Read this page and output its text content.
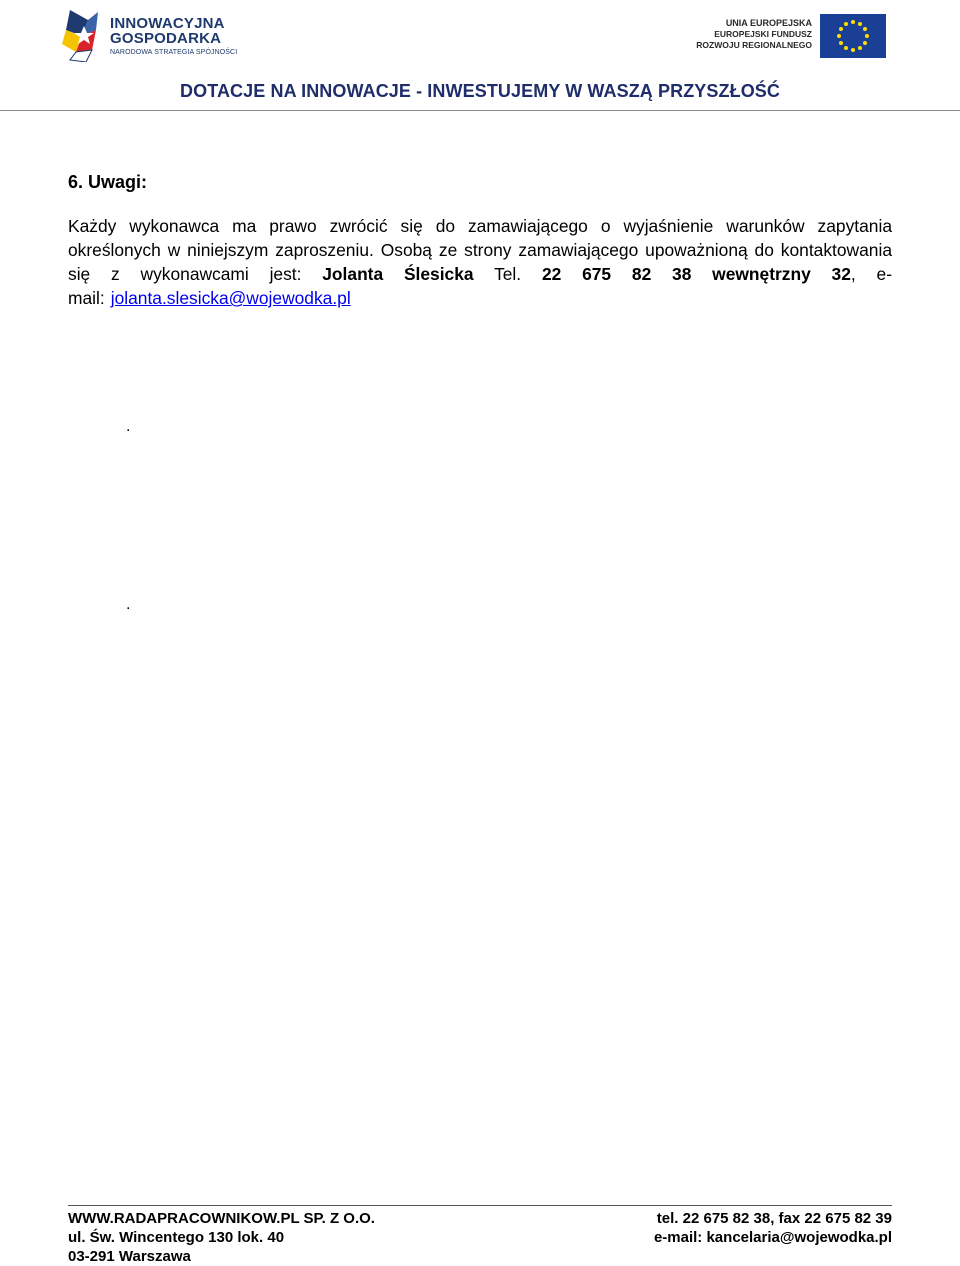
INNOWACYJNA
GOSPODARKA
NARODOWA STRATEGIA SPÓJNOŚCI
UNIA EUROPEJSKA
EUROPEJSKI FUNDUSZ
ROZWOJU REGIONALNEGO
DOTACJE NA INNOWACJE - INWESTUJEMY W WASZĄ PRZYSZŁOŚĆ
6. Uwagi:
Każdy wykonawca ma prawo zwrócić się do zamawiającego o wyjaśnienie warunków zapytania określonych w niniejszym zaproszeniu. Osobą ze strony zamawiającego upoważnioną do kontaktowania się z wykonawcami jest: Jolanta Ślesicka Tel. 22 675 82 38 wewnętrzny 32, e-mail: jolanta.slesicka@wojewodka.pl
.
.
WWW.RADAPRACOWNIKOW.PL SP. Z O.O.
ul. Św. Wincentego 130 lok. 40
03-291 Warszawa
tel. 22 675 82 38, fax 22 675 82 39
e-mail: kancelaria@wojewodka.pl
